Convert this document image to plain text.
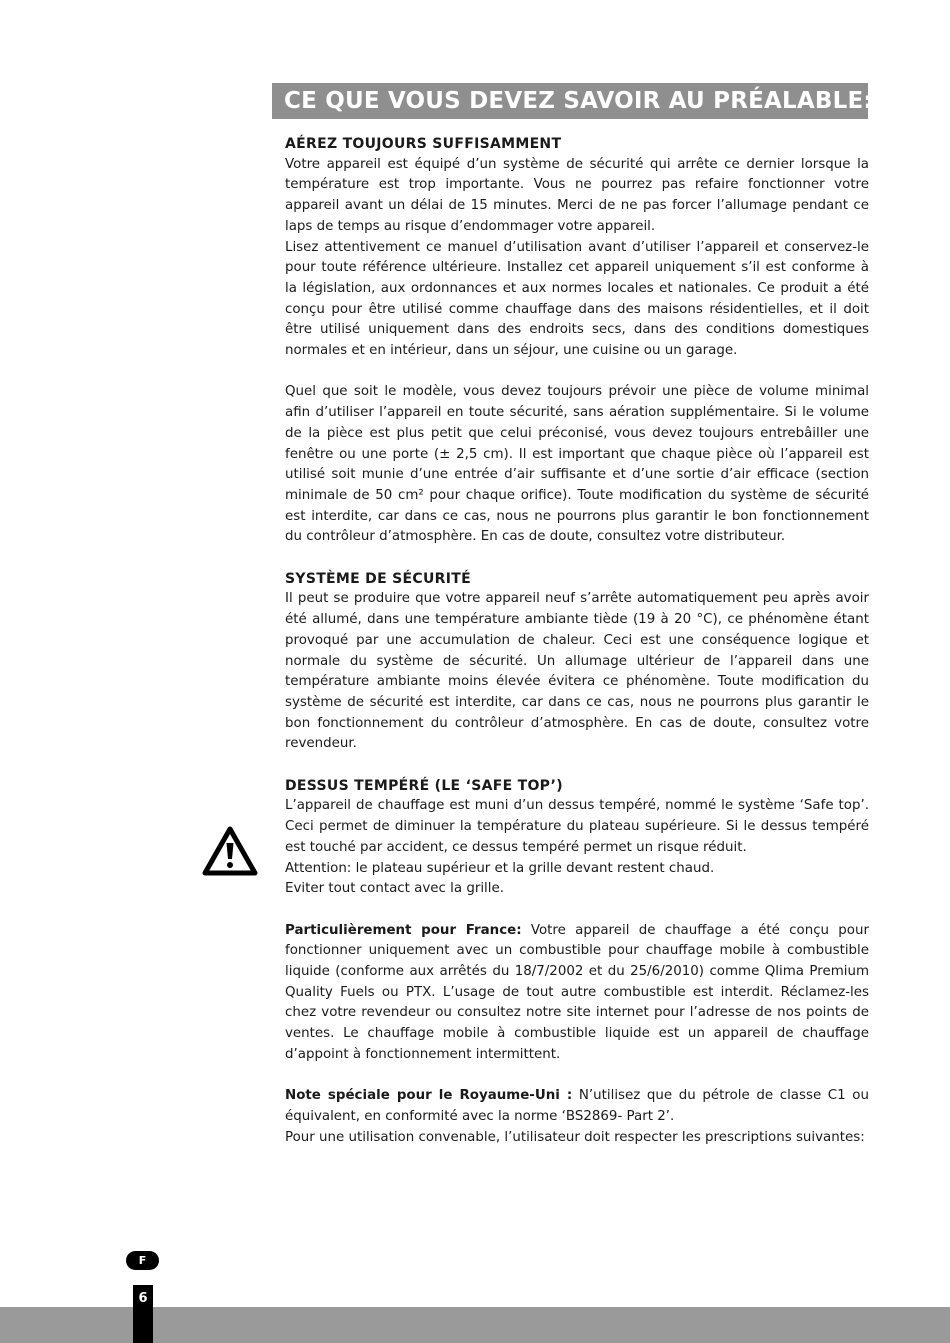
CE QUE VOUS DEVEZ SAVOIR AU PRÉALABLE:
AÉREZ TOUJOURS SUFFISAMMENT

Votre appareil est équipé d’un système de sécurité qui arrête ce dernier lorsque la température est trop importante. Vous ne pourrez pas refaire fonctionner votre appareil avant un délai de 15 minutes. Merci de ne pas forcer l’allumage pendant ce laps de temps au risque d’endommager votre appareil.

Lisez attentivement ce manuel d’utilisation avant d’utiliser l’appareil et conservez-le pour toute référence ultérieure. Installez cet appareil uniquement s’il est conforme à la législation, aux ordonnances et aux normes locales et nationales. Ce produit a été conçu pour être utilisé comme chauffage dans des maisons résidentielles, et il doit être utilisé uniquement dans des endroits secs, dans des conditions domestiques normales et en intérieur, dans un séjour, une cuisine ou un garage.

Quel que soit le modèle, vous devez toujours prévoir une pièce de volume minimal afin d’utiliser l’appareil en toute sécurité, sans aération supplémentaire. Si le volume de la pièce est plus petit que celui préconisé, vous devez toujours entrebâiller une fenêtre ou une porte (± 2,5 cm). Il est important que chaque pièce où l’appareil est utilisé soit munie d’une entrée d’air suffisante et d’une sortie d’air efficace (section minimale de 50 cm² pour chaque orifice). Toute modification du système de sécurité est interdite, car dans ce cas, nous ne pourrons plus garantir le bon fonctionnement du contrôleur d’atmosphère. En cas de doute, consultez votre distributeur.

SYSTÈME DE SÉCURITÉ

Il peut se produire que votre appareil neuf s’arrête automatiquement peu après avoir été allumé, dans une température ambiante tiède (19 à 20 °C), ce phénomène étant provoqué par une accumulation de chaleur. Ceci est une conséquence logique et normale du système de sécurité. Un allumage ultérieur de l’appareil dans une température ambiante moins élevée évitera ce phénomène. Toute modification du système de sécurité est interdite, car dans ce cas, nous ne pourrons plus garantir le bon fonctionnement du contrôleur d’atmosphère. En cas de doute, consultez votre revendeur.

DESSUS TEMPÉRÉ (LE ‘SAFE TOP’)

L’appareil de chauffage est muni d’un dessus tempéré, nommé le système ‘Safe top’. Ceci permet de diminuer la température du plateau supérieure. Si le dessus tempéré est touché par accident, ce dessus tempéré permet un risque réduit.

Attention: le plateau supérieur et la grille devant restent chaud.

Eviter tout contact avec la grille.

Particulièrement pour France: Votre appareil de chauffage a été conçu pour fonctionner uniquement avec un combustible pour chauffage mobile à combustible liquide (conforme aux arrêtés du 18/7/2002 et du 25/6/2010) comme Qlima Premium Quality Fuels ou PTX. L’usage de tout autre combustible est interdit. Réclamez-les chez votre revendeur ou consultez notre site internet pour l’adresse de nos points de ventes. Le chauffage mobile à combustible liquide est un appareil de chauffage d’appoint à fonctionnement intermittent.

Note spéciale pour le Royaume-Uni : N’utilisez que du pétrole de classe C1 ou équivalent, en conformité avec la norme ‘BS2869- Part 2’.

Pour une utilisation convenable, l’utilisateur doit respecter les prescriptions suivantes:

F
6
